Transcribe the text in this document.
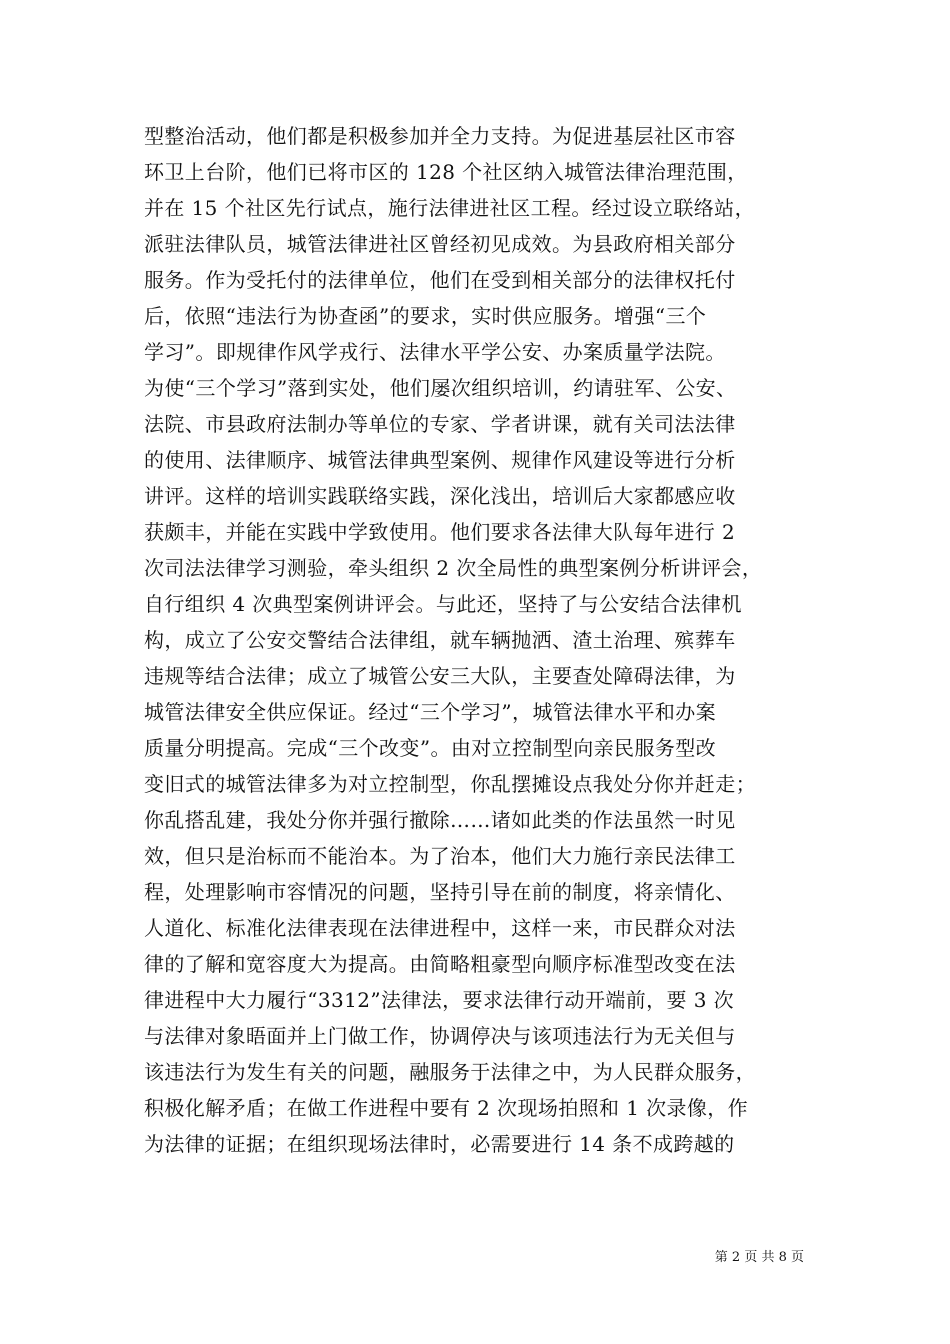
型整治活动，他们都是积极参加并全力支持。为促进基层社区市容
环卫上台阶，他们已将市区的 128 个社区纳入城管法律治理范围，
并在 15 个社区先行试点，施行法律进社区工程。经过设立联络站，
派驻法律队员，城管法律进社区曾经初见成效。为县政府相关部分
服务。作为受托付的法律单位，他们在受到相关部分的法律权托付
后，依照“违法行为协查函”的要求，实时供应服务。增强“三个
学习”。即规律作风学戎行、法律水平学公安、办案质量学法院。
为使“三个学习”落到实处，他们屡次组织培训，约请驻军、公安、
法院、市县政府法制办等单位的专家、学者讲课，就有关司法法律
的使用、法律顺序、城管法律典型案例、规律作风建设等进行分析
讲评。这样的培训实践联络实践，深化浅出，培训后大家都感应收
获颇丰，并能在实践中学致使用。他们要求各法律大队每年进行 2
次司法法律学习测验，牵头组织 2 次全局性的典型案例分析讲评会，
自行组织 4 次典型案例讲评会。与此还，坚持了与公安结合法律机
构，成立了公安交警结合法律组，就车辆抛洒、渣土治理、殡葬车
违规等结合法律；成立了城管公安三大队，主要查处障碍法律，为
城管法律安全供应保证。经过“三个学习”，城管法律水平和办案
质量分明提高。完成“三个改变”。由对立控制型向亲民服务型改
变旧式的城管法律多为对立控制型，你乱摆摊设点我处分你并赶走；
你乱搭乱建，我处分你并强行撤除……诸如此类的作法虽然一时见
效，但只是治标而不能治本。为了治本，他们大力施行亲民法律工
程，处理影响市容情况的问题，坚持引导在前的制度，将亲情化、
人道化、标准化法律表现在法律进程中，这样一来，市民群众对法
律的了解和宽容度大为提高。由简略粗豪型向顺序标准型改变在法
律进程中大力履行“3312”法律法，要求法律行动开端前，要 3 次
与法律对象晤面并上门做工作，协调停决与该项违法行为无关但与
该违法行为发生有关的问题，融服务于法律之中，为人民群众服务，
积极化解矛盾；在做工作进程中要有 2 次现场拍照和 1 次录像，作
为法律的证据；在组织现场法律时，必需要进行 14 条不成跨越的
第 2 页 共 8 页
